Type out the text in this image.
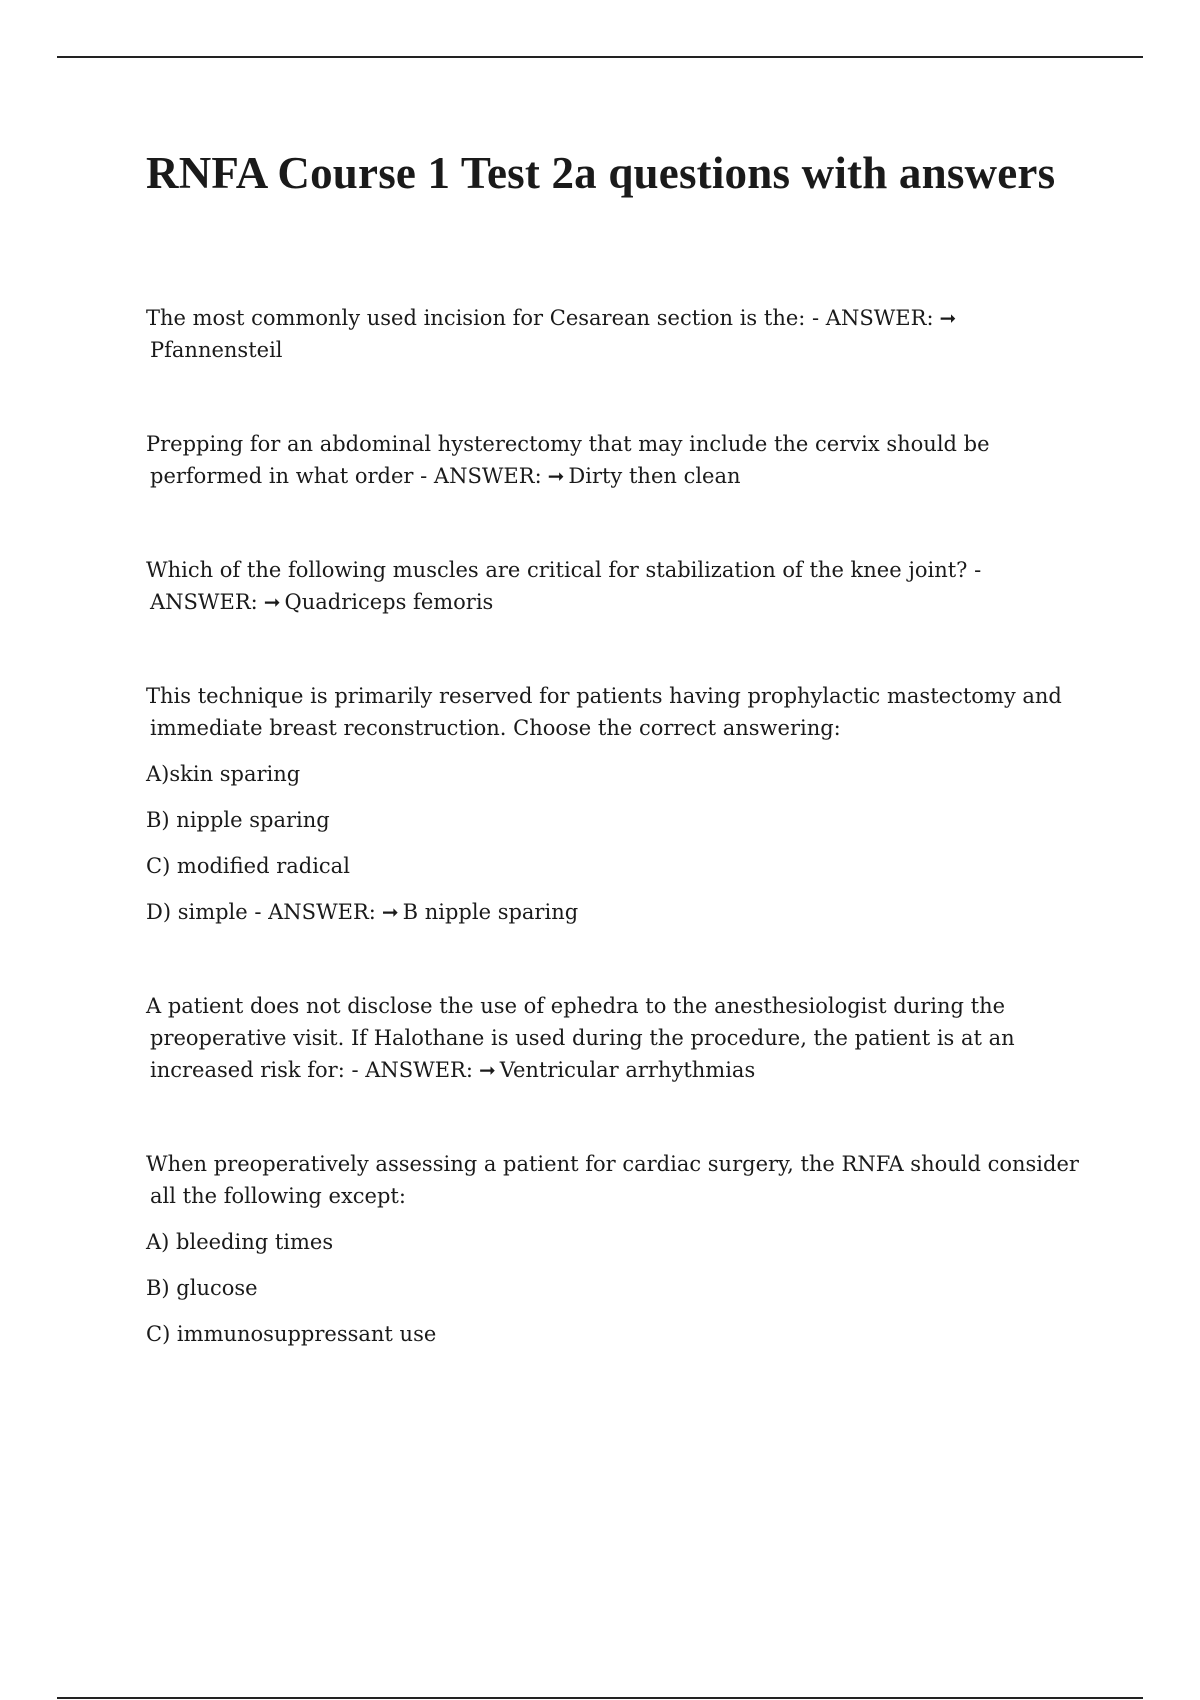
RNFA Course 1 Test 2a questions with answers

The most commonly used incision for Cesarean section is the: - ANSWER: ➞Pfannensteil

Prepping for an abdominal hysterectomy that may include the cervix should be performed in what order - ANSWER: ➞ Dirty then clean

Which of the following muscles are critical for stabilization of the knee joint? - ANSWER: ➞ Quadriceps femoris

This technique is primarily reserved for patients having prophylactic mastectomy and immediate breast reconstruction. Choose the correct answering:

A)skin sparing

B) nipple sparing

C) modified radical

D) simple - ANSWER: ➞ B nipple sparing

A patient does not disclose the use of ephedra to the anesthesiologist during the preoperative visit. If Halothane is used during the procedure, the patient is at an increased risk for: - ANSWER: ➞ Ventricular arrhythmias

When preoperatively assessing a patient for cardiac surgery, the RNFA should consider all the following except:

A) bleeding times

B) glucose

C) immunosuppressant use
